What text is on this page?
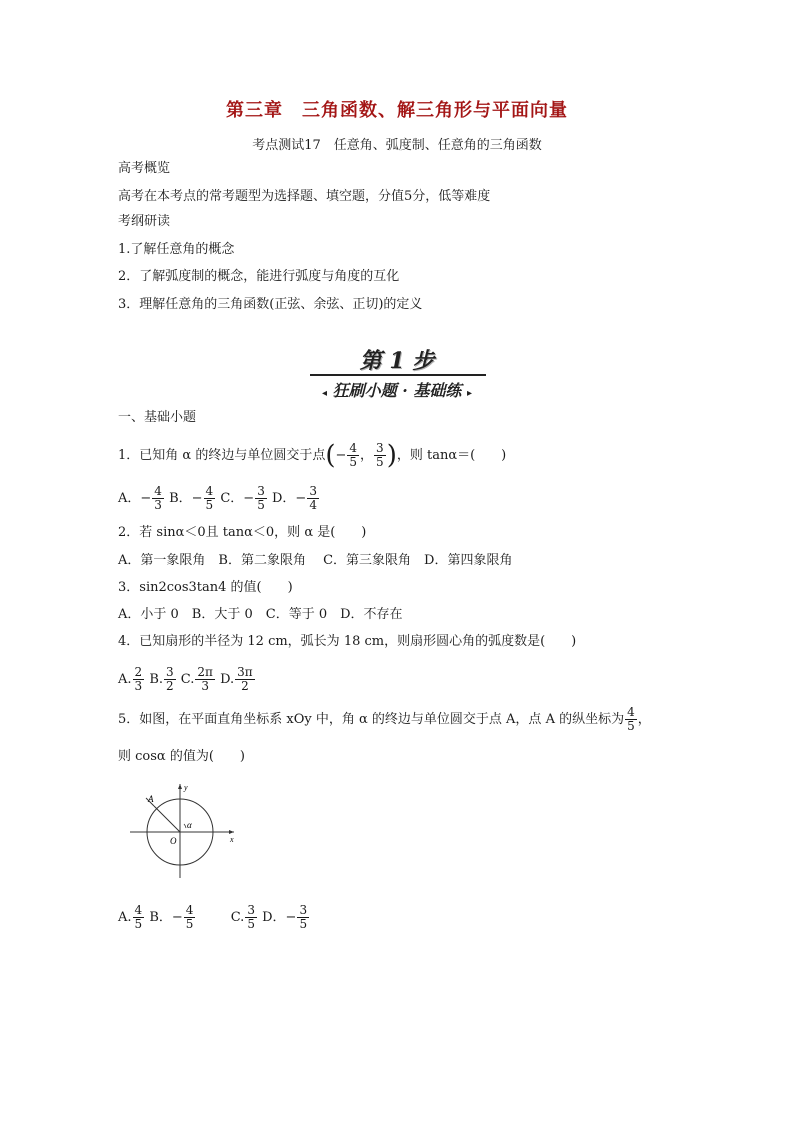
第三章　三角函数、解三角形与平面向量
考点测试17　任意角、弧度制、任意角的三角函数
高考概览
高考在本考点的常考题型为选择题、填空题，分值5分，低等难度
考纲研读
1.了解任意角的概念
2．了解弧度制的概念，能进行弧度与角度的互化
3．理解任意角的三角函数(正弦、余弦、正切)的定义
第 1 步
◂ 狂刷小题 · 基础练 ▸
一、基础小题
1．已知角 α 的终边与单位圆交于点(− $\frac{4}{5}$ ， $\frac{3}{5}$ )，则 tanα＝(　　)
A．− $\frac{4}{3}$ B．− $\frac{4}{5}$ C．− $\frac{3}{5}$ D．− $\frac{3}{4}$
2．若 sinα＜0且 tanα＜0，则 α 是(　　)
A．第一象限角　B．第二象限角　 C．第三象限角　D．第四象限角
3．sin2cos3tan4 的值(　　)
A．小于 0　B．大于 0　C．等于 0　D．不存在
4．已知扇形的半径为 12 cm，弧长为 18 cm，则扇形圆心角的弧度数是(　　)
A. $\frac{2}{3} B$. $\frac{3}{2} C$. $\frac{2\pi}{3} D$. $\frac{3\pi}{2}$
5．如图，在平面直角坐标系 xOy 中，角 α 的终边与单位圆交于点 A，点 A 的纵坐标为 $\frac{4}{5}$ ，
则 cosα 的值为(　　)
A
y
x
O
α
A. $\frac{4}{5}$ B．− $\frac{4}{5}$	C. $\frac{3}{5}$ D．− $\frac{3}{5}$
